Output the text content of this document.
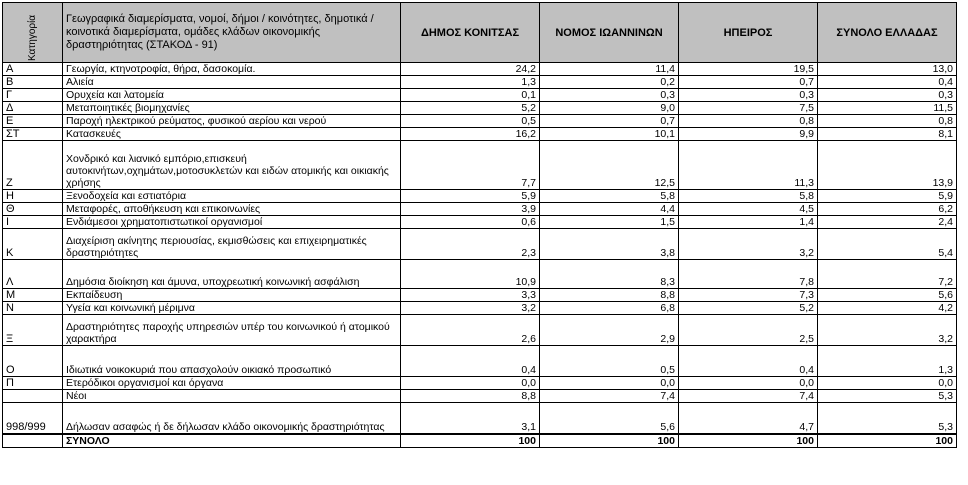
Κατηγορία	Γεωγραφικά διαμερίσματα, νομοί, δήμοι / κοινότητες, δημοτικά / κοινοτικά διαμερίσματα, ομάδες κλάδων οικονομικής δραστηριότητας (ΣΤΑΚΟΔ - 91)	ΔΗΜΟΣ ΚΟΝΙΤΣΑΣ	ΝΟΜΟΣ ΙΩΑΝΝΙΝΩΝ	ΗΠΕΙΡΟΣ	ΣΥΝΟΛΟ ΕΛΛΑΔΑΣ
Α	Γεωργία, κτηνοτροφία, θήρα, δασοκομία.	24,2	11,4	19,5	13,0
Β	Αλιεία	1,3	0,2	0,7	0,4
Γ	Ορυχεία και λατομεία	0,1	0,3	0,3	0,3
Δ	Μεταποιητικές βιομηχανίες	5,2	9,0	7,5	11,5
Ε	Παροχή ηλεκτρικού ρεύματος, φυσικού αερίου και νερού	0,5	0,7	0,8	0,8
ΣΤ	Κατασκευές	16,2	10,1	9,9	8,1
Ζ	Χονδρικό και λιανικό εμπόριο,επισκευή αυτοκινήτων,οχημάτων,μοτοσυκλετών και ειδών ατομικής και οικιακής χρήσης	7,7	12,5	11,3	13,9
Η	Ξενοδοχεία και εστιατόρια	5,9	5,8	5,8	5,9
Θ	Μεταφορές, αποθήκευση και επικοινωνίες	3,9	4,4	4,5	6,2
Ι	Ενδιάμεσοι χρηματοπιστωτικοί οργανισμοί	0,6	1,5	1,4	2,4
Κ	Διαχείριση ακίνητης περιουσίας, εκμισθώσεις και επιχειρηματικές δραστηριότητες	2,3	3,8	3,2	5,4
Λ	Δημόσια διοίκηση και άμυνα, υποχρεωτική κοινωνική ασφάλιση	10,9	8,3	7,8	7,2
Μ	Εκπαίδευση	3,3	8,8	7,3	5,6
Ν	Υγεία και κοινωνική μέριμνα	3,2	6,8	5,2	4,2
Ξ	Δραστηριότητες παροχής υπηρεσιών υπέρ του κοινωνικού ή ατομικού χαρακτήρα	2,6	2,9	2,5	3,2
Ο	Ιδιωτικά νοικοκυριά που απασχολούν οικιακό προσωπικό	0,4	0,5	0,4	1,3
Π	Ετερόδικοι οργανισμοί και όργανα	0,0	0,0	0,0	0,0
	Νέοι	8,8	7,4	7,4	5,3
998/999	Δήλωσαν ασαφώς ή δε δήλωσαν κλάδο οικονομικής δραστηριότητας	3,1	5,6	4,7	5,3
	ΣΥΝΟΛΟ	100	100	100	100
